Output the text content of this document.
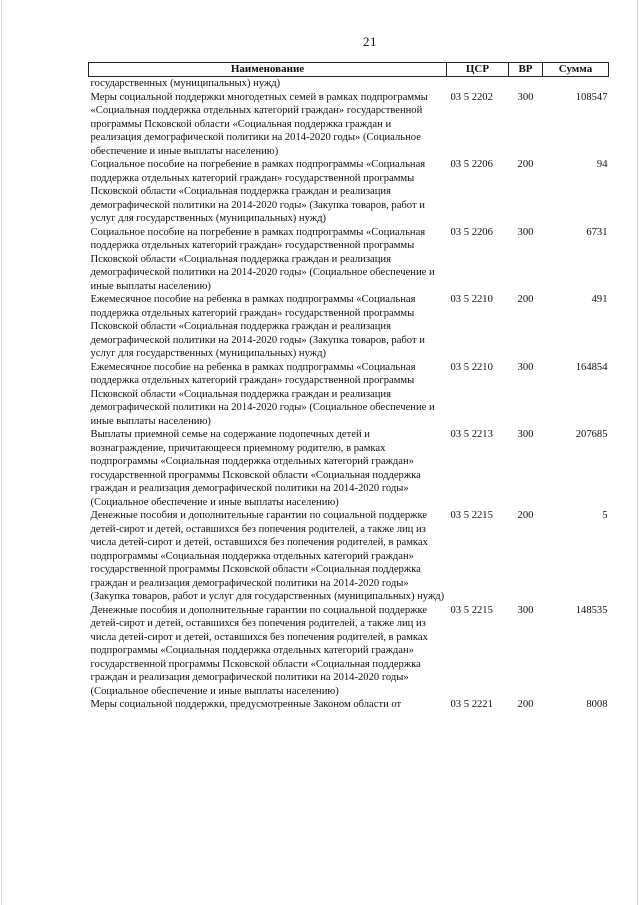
21
Наименование	ЦСР	ВР	Сумма
государственных (муниципальных) нужд)			
Меры социальной поддержки многодетных семей в рамках подпрограммы «Социальная поддержка отдельных категорий граждан» государственной программы Псковской области «Социальная поддержка граждан и реализация демографической политики на 2014-2020 годы» (Социальное обеспечение и иные выплаты населению)	03 5 2202	300	108547
Социальное пособие на погребение в рамках подпрограммы «Социальная поддержка отдельных категорий граждан» государственной программы Псковской области «Социальная поддержка граждан и реализация демографической политики на 2014-2020 годы» (Закупка товаров, работ и услуг для государственных (муниципальных) нужд)	03 5 2206	200	94
Социальное пособие на погребение в рамках подпрограммы «Социальная поддержка отдельных категорий граждан» государственной программы Псковской области «Социальная поддержка граждан и реализация демографической политики на 2014-2020 годы» (Социальное обеспечение и иные выплаты населению)	03 5 2206	300	6731
Ежемесячное пособие на ребенка в рамках подпрограммы «Социальная поддержка отдельных категорий граждан» государственной программы Псковской области «Социальная поддержка граждан и реализация демографической политики на 2014-2020 годы» (Закупка товаров, работ и услуг для государственных (муниципальных) нужд)	03 5 2210	200	491
Ежемесячное пособие на ребенка в рамках подпрограммы «Социальная поддержка отдельных категорий граждан» государственной программы Псковской области «Социальная поддержка граждан и реализация демографической политики на 2014-2020 годы» (Социальное обеспечение и иные выплаты населению)	03 5 2210	300	164854
Выплаты приемной семье на содержание подопечных детей и вознаграждение, причитающееся приемному родителю, в рамках подпрограммы «Социальная поддержка отдельных категорий граждан» государственной программы Псковской области «Социальная поддержка граждан и реализация демографической политики на 2014-2020 годы» (Социальное обеспечение и иные выплаты населению)	03 5 2213	300	207685
Денежные пособия и дополнительные гарантии по социальной поддержке детей-сирот и детей, оставшихся без попечения родителей, а также лиц из числа детей-сирот и детей, оставшихся без попечения родителей, в рамках подпрограммы «Социальная поддержка отдельных категорий граждан» государственной программы Псковской области «Социальная поддержка граждан и реализация демографической политики на 2014-2020 годы» (Закупка товаров, работ и услуг для государственных (муниципальных) нужд)	03 5 2215	200	5
Денежные пособия и дополнительные гарантии по социальной поддержке детей-сирот и детей, оставшихся без попечения родителей, а также лиц из числа детей-сирот и детей, оставшихся без попечения родителей, в рамках подпрограммы «Социальная поддержка отдельных категорий граждан» государственной программы Псковской области «Социальная поддержка граждан и реализация демографической политики на 2014-2020 годы» (Социальное обеспечение и иные выплаты населению)	03 5 2215	300	148535
Меры социальной поддержки, предусмотренные Законом области от	03 5 2221	200	8008
